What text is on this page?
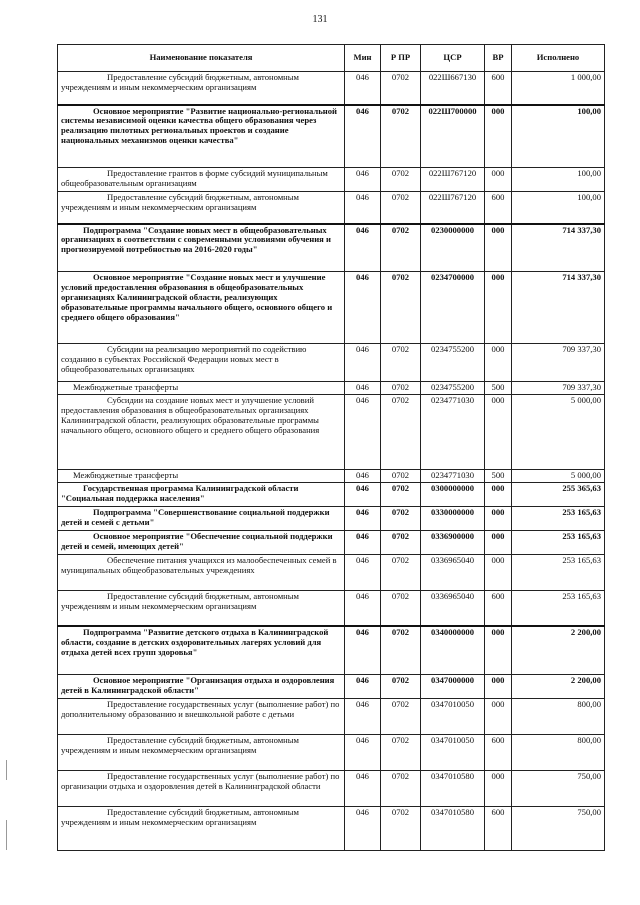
131
Наименование показателя	Мин	Р ПР	ЦСР	ВР	Исполнено
Предоставление субсидий бюджетным, автономным учреждениям и иным некоммерческим организациям	046	0702	022Ш667130	600	1 000,00
Основное мероприятие "Развитие национально-региональной системы независимой оценки качества общего образования через реализацию пилотных региональных проектов и создание национальных механизмов оценки качества"	046	0702	022Ш700000	000	100,00
Предоставление грантов в форме субсидий муниципальным общеобразовательным организациям	046	0702	022Ш767120	000	100,00
Предоставление субсидий бюджетным, автономным учреждениям и иным некоммерческим организациям	046	0702	022Ш767120	600	100,00
Подпрограмма "Создание новых мест в общеобразовательных организациях в соответствии с современными условиями обучения и прогнозируемой потребностью на 2016-2020 годы"	046	0702	0230000000	000	714 337,30
Основное мероприятие "Создание новых мест и улучшение условий предоставления образования в общеобразовательных организациях Калининградской области, реализующих образовательные программы начального общего, основного общего и среднего общего образования"	046	0702	0234700000	000	714 337,30
Субсидии на реализацию мероприятий по содействию созданию в субъектах Российской Федерации новых мест в общеобразовательных организациях	046	0702	0234755200	000	709 337,30
Межбюджетные трансферты	046	0702	0234755200	500	709 337,30
Субсидии на создание новых мест и улучшение условий предоставления образования в общеобразовательных организациях Калининградской области, реализующих образовательные программы начального общего, основного общего и среднего общего образования	046	0702	0234771030	000	5 000,00
Межбюджетные трансферты	046	0702	0234771030	500	5 000,00
Государственная программа Калининградской области "Социальная поддержка населения"	046	0702	0300000000	000	255 365,63
Подпрограмма "Совершенствование социальной поддержки детей и семей с детьми"	046	0702	0330000000	000	253 165,63
Основное мероприятие "Обеспечение социальной поддержки детей и семей, имеющих детей"	046	0702	0336900000	000	253 165,63
Обеспечение питания учащихся из малообеспеченных семей в муниципальных общеобразовательных учреждениях	046	0702	0336965040	000	253 165,63
Предоставление субсидий бюджетным, автономным учреждениям и иным некоммерческим организациям	046	0702	0336965040	600	253 165,63
Подпрограмма "Развитие детского отдыха в Калининградской области, создание в детских оздоровительных лагерях условий для отдыха детей всех групп здоровья"	046	0702	0340000000	000	2 200,00
Основное мероприятие "Организация отдыха и оздоровления детей в Калининградской области"	046	0702	0347000000	000	2 200,00
Предоставление государственных услуг (выполнение работ) по дополнительному образованию и внешкольной работе с детьми	046	0702	0347010050	000	800,00
Предоставление субсидий бюджетным, автономным учреждениям и иным некоммерческим организациям	046	0702	0347010050	600	800,00
Предоставление государственных услуг (выполнение работ) по организации отдыха и оздоровления детей в Калининградской области	046	0702	0347010580	000	750,00
Предоставление субсидий бюджетным, автономным учреждениям и иным некоммерческим организациям	046	0702	0347010580	600	750,00
